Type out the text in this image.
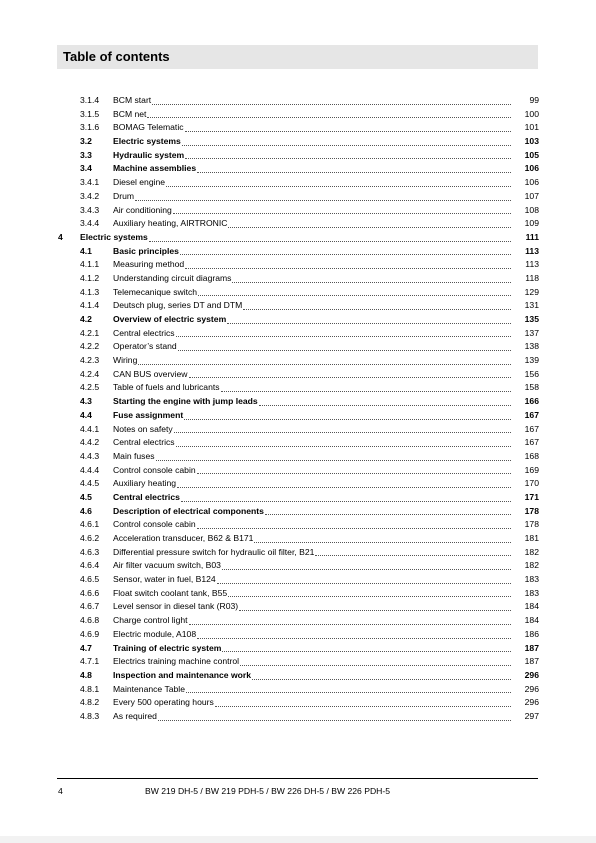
Table of contents
3.1.4 BCM start	99
3.1.5 BCM net	100
3.1.6 BOMAG Telematic	101
3.2 Electric systems	103
3.3 Hydraulic system	105
3.4 Machine assemblies	106
3.4.1 Diesel engine	106
3.4.2 Drum	107
3.4.3 Air conditioning	108
3.4.4 Auxiliary heating, AIRTRONIC	109
4 Electric systems	111
4.1 Basic principles	113
4.1.1 Measuring method	113
4.1.2 Understanding circuit diagrams	118
4.1.3 Telemecanique switch	129
4.1.4 Deutsch plug, series DT and DTM	131
4.2 Overview of electric system	135
4.2.1 Central electrics	137
4.2.2 Operator’s stand	138
4.2.3 Wiring	139
4.2.4 CAN BUS overview	156
4.2.5 Table of fuels and lubricants	158
4.3 Starting the engine with jump leads	166
4.4 Fuse assignment	167
4.4.1 Notes on safety	167
4.4.2 Central electrics	167
4.4.3 Main fuses	168
4.4.4 Control console cabin	169
4.4.5 Auxiliary heating	170
4.5 Central electrics	171
4.6 Description of electrical components	178
4.6.1 Control console cabin	178
4.6.2 Acceleration transducer, B62 & B171	181
4.6.3 Differential pressure switch for hydraulic oil filter, B21	182
4.6.4 Air filter vacuum switch, B03	182
4.6.5 Sensor, water in fuel, B124	183
4.6.6 Float switch coolant tank, B55	183
4.6.7 Level sensor in diesel tank (R03)	184
4.6.8 Charge control light	184
4.6.9 Electric module, A108	186
4.7 Training of electric system	187
4.7.1 Electrics training machine control	187
4.8 Inspection and maintenance work	296
4.8.1 Maintenance Table	296
4.8.2 Every 500 operating hours	296
4.8.3 As required	297
4	BW 219 DH-5 / BW 219 PDH-5 / BW 226 DH-5 / BW 226 PDH-5
